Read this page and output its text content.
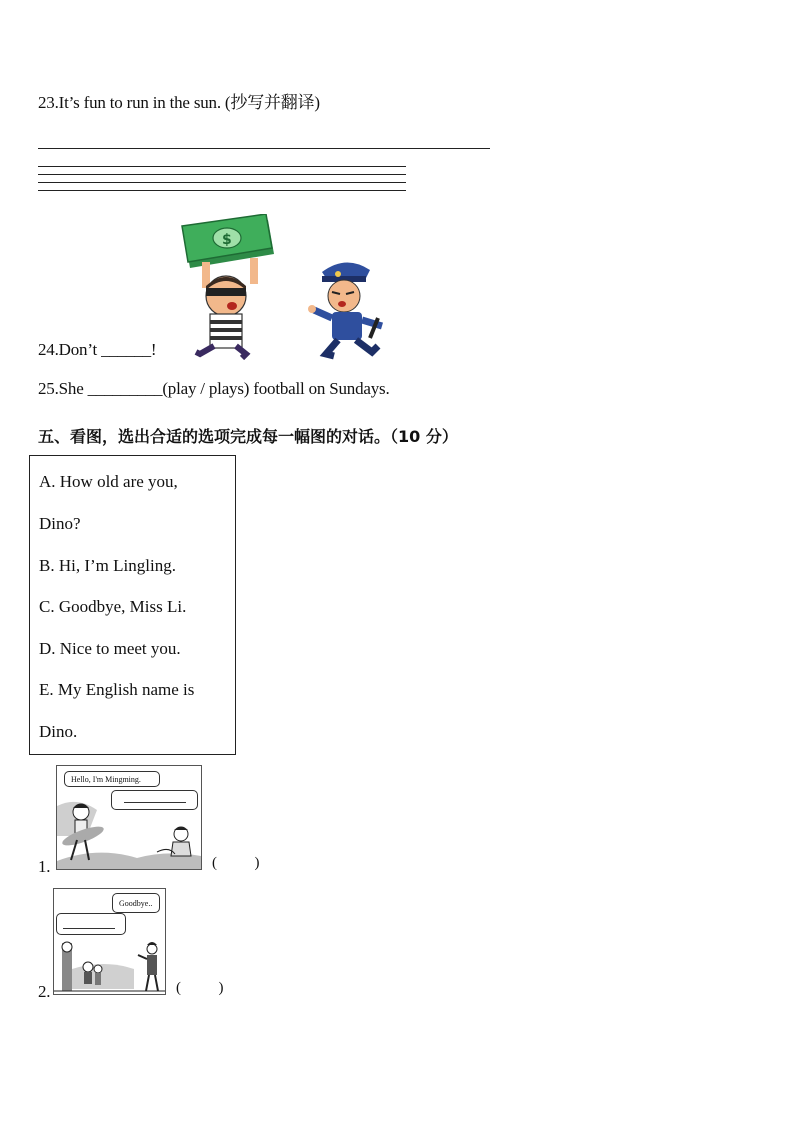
23.It’s fun to run in the sun. (抄写并翻译)
$
24.Don’t ______!
25.She _________(play / plays) football on Sundays.
五、看图，选出合适的选项完成每一幅图的对话。（10 分）
A. How old are you,
Dino?
B. Hi, I’m Lingling.
C. Goodbye, Miss Li.
D. Nice to meet you.
E. My English name is
Dino.
1.
Hello, I'm Mingming.
(          )
2.
Goodbye..
(          )
